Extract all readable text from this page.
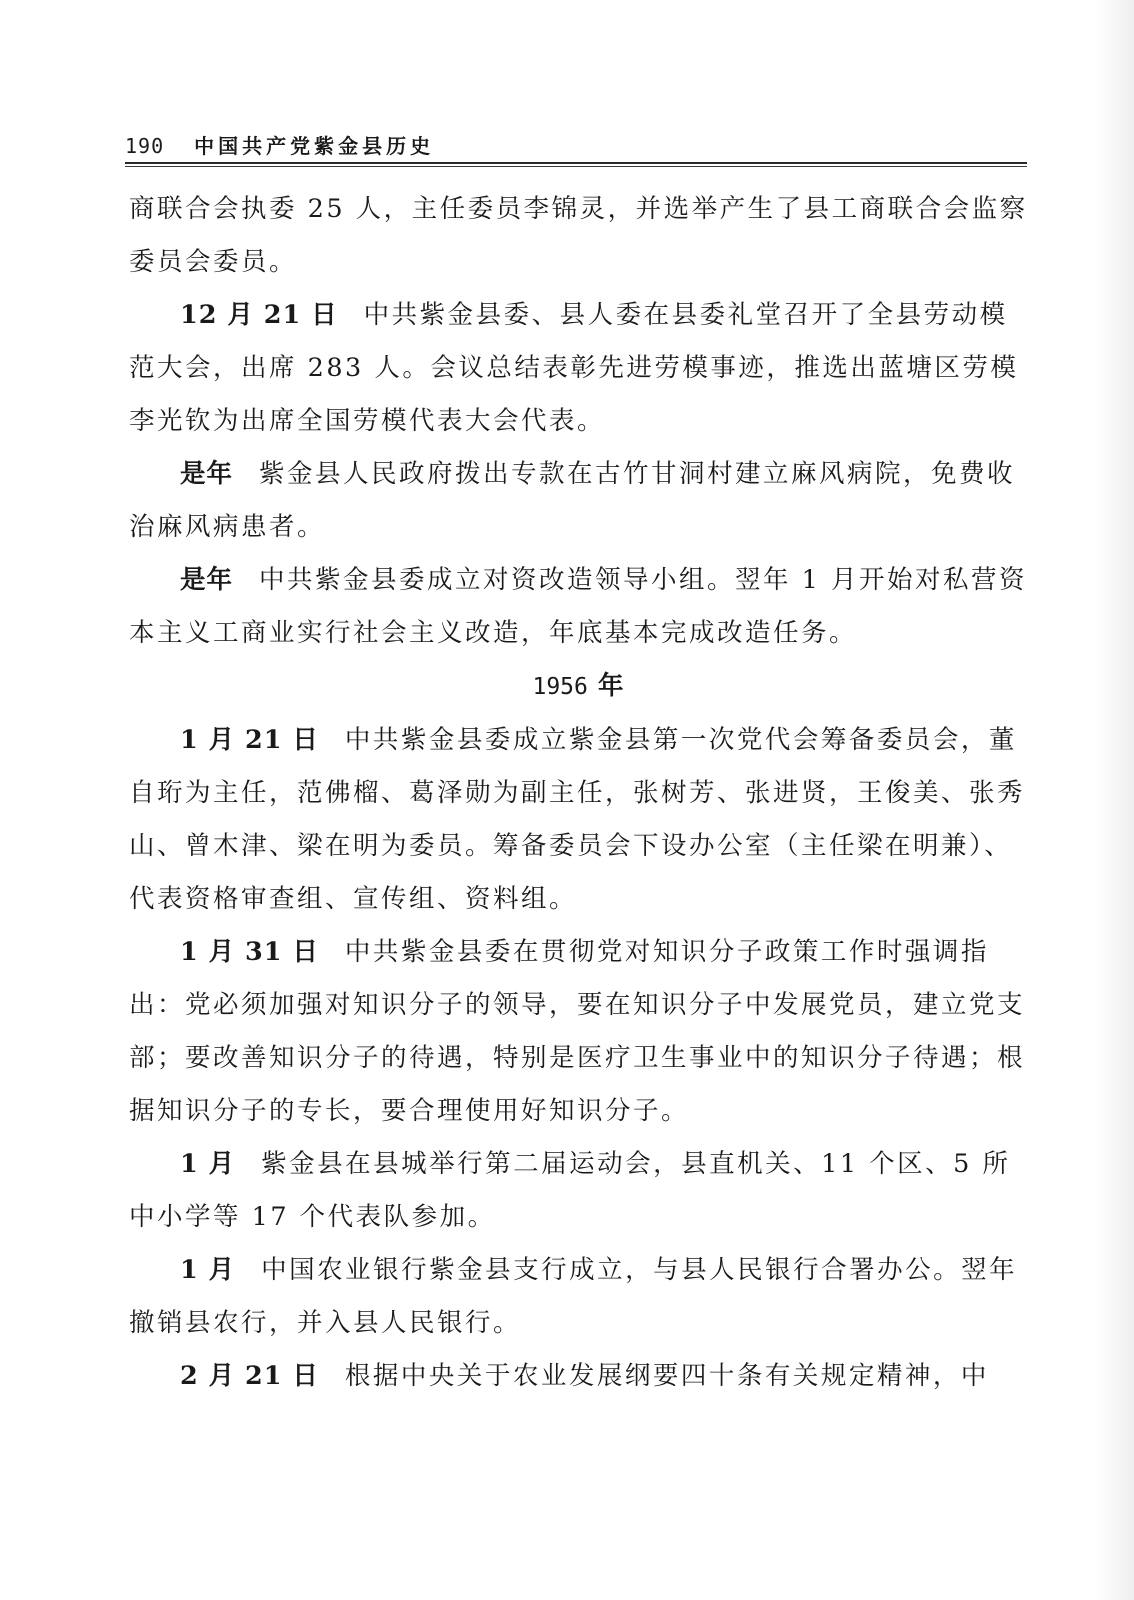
190 中国共产党紫金县历史

商联合会执委 25 人，主任委员李锦灵，并选举产生了县工商联合会监察委员会委员。

12 月 21 日 中共紫金县委、县人委在县委礼堂召开了全县劳动模范大会，出席 283 人。会议总结表彰先进劳模事迹，推选出蓝塘区劳模李光钦为出席全国劳模代表大会代表。

是年 紫金县人民政府拨出专款在古竹甘洞村建立麻风病院，免费收治麻风病患者。

是年 中共紫金县委成立对资改造领导小组。翌年 1 月开始对私营资本主义工商业实行社会主义改造，年底基本完成改造任务。

1956 年

1 月 21 日 中共紫金县委成立紫金县第一次党代会筹备委员会，董自珩为主任，范佛榴、葛泽勋为副主任，张树芳、张进贤，王俊美、张秀山、曾木津、梁在明为委员。筹备委员会下设办公室（主任梁在明兼）、代表资格审查组、宣传组、资料组。

1 月 31 日 中共紫金县委在贯彻党对知识分子政策工作时强调指出：党必须加强对知识分子的领导，要在知识分子中发展党员，建立党支部；要改善知识分子的待遇，特别是医疗卫生事业中的知识分子待遇；根据知识分子的专长，要合理使用好知识分子。

1 月 紫金县在县城举行第二届运动会，县直机关、11 个区、5 所中小学等 17 个代表队参加。

1 月 中国农业银行紫金县支行成立，与县人民银行合署办公。翌年撤销县农行，并入县人民银行。

2 月 21 日 根据中央关于农业发展纲要四十条有关规定精神，中
